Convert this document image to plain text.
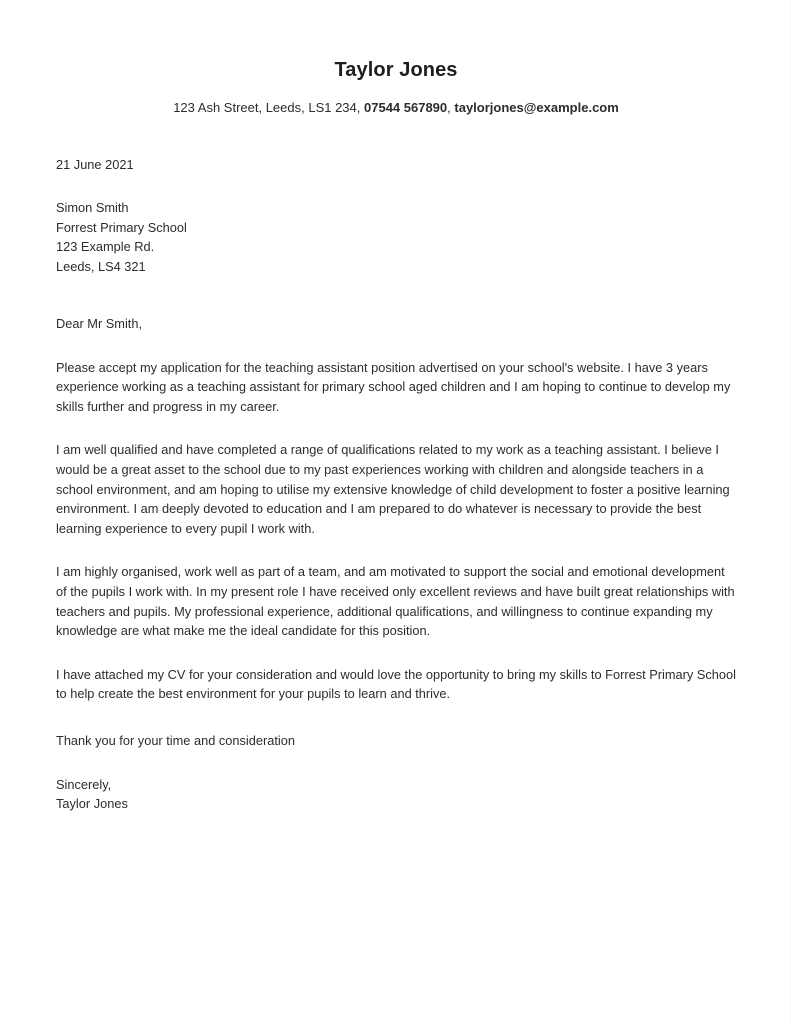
Taylor Jones

123 Ash Street, Leeds, LS1 234, 07544 567890, taylorjones@example.com

21 June 2021

Simon Smith
Forrest Primary School
123 Example Rd.
Leeds, LS4 321

Dear Mr Smith,

Please accept my application for the teaching assistant position advertised on your school's website. I have 3 years experience working as a teaching assistant for primary school aged children and I am hoping to continue to develop my skills further and progress in my career.

I am well qualified and have completed a range of qualifications related to my work as a teaching assistant. I believe I would be a great asset to the school due to my past experiences working with children and alongside teachers in a school environment, and am hoping to utilise my extensive knowledge of child development to foster a positive learning environment. I am deeply devoted to education and I am prepared to do whatever is necessary to provide the best learning experience to every pupil I work with.

I am highly organised, work well as part of a team, and am motivated to support the social and emotional development of the pupils I work with. In my present role I have received only excellent reviews and have built great relationships with teachers and pupils. My professional experience, additional qualifications, and willingness to continue expanding my knowledge are what make me the ideal candidate for this position.

I have attached my CV for your consideration and would love the opportunity to bring my skills to Forrest Primary School to help create the best environment for your pupils to learn and thrive.

Thank you for your time and consideration

Sincerely,
Taylor Jones
